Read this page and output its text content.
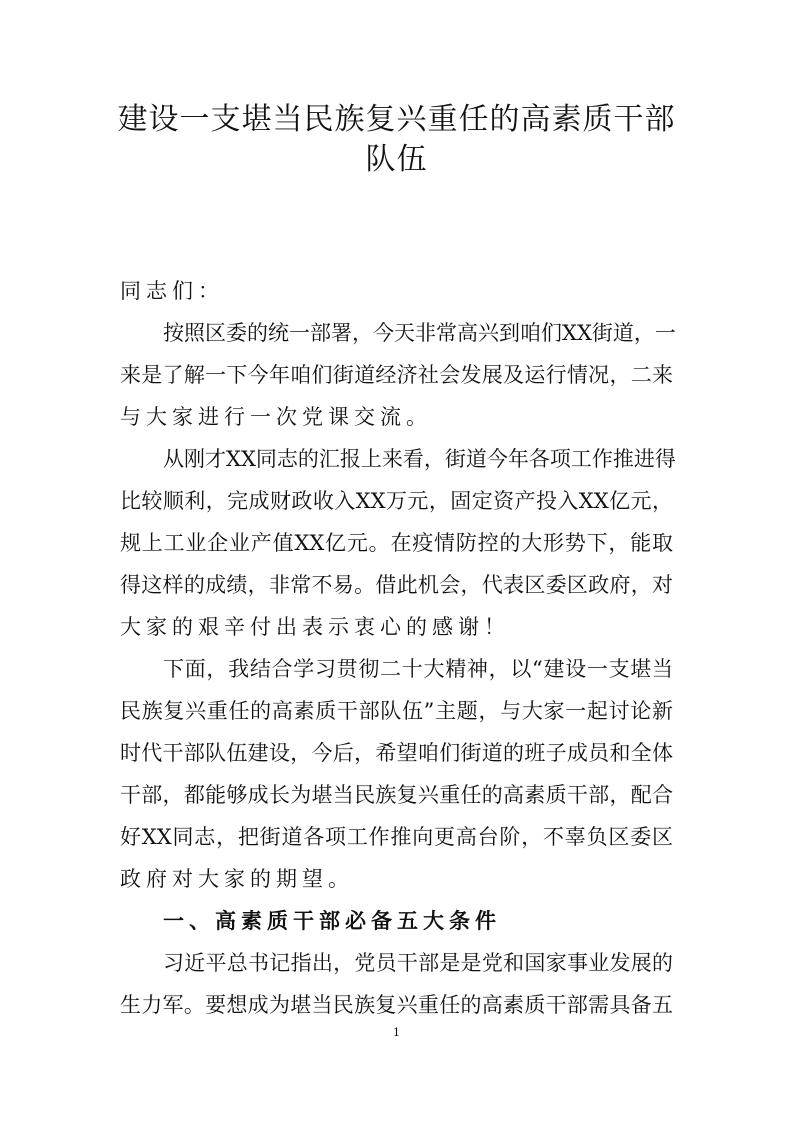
建设一支堪当民族复兴重任的高素质干部
队伍
同志们：
按照区委的统一部署，今天非常高兴到咱们XX街道，一
来是了解一下今年咱们街道经济社会发展及运行情况，二来
与大家进行一次党课交流。
从刚才XX同志的汇报上来看，街道今年各项工作推进得
比较顺利，完成财政收入XX万元，固定资产投入XX亿元，
规上工业企业产值XX亿元。在疫情防控的大形势下，能取
得这样的成绩，非常不易。借此机会，代表区委区政府，对
大家的艰辛付出表示衷心的感谢！
下面，我结合学习贯彻二十大精神，以“建设一支堪当
民族复兴重任的高素质干部队伍”主题，与大家一起讨论新
时代干部队伍建设，今后，希望咱们街道的班子成员和全体
干部，都能够成长为堪当民族复兴重任的高素质干部，配合
好XX同志，把街道各项工作推向更高台阶，不辜负区委区
政府对大家的期望。
一、高素质干部必备五大条件
习近平总书记指出，党员干部是是党和国家事业发展的
生力军。要想成为堪当民族复兴重任的高素质干部需具备五
1
